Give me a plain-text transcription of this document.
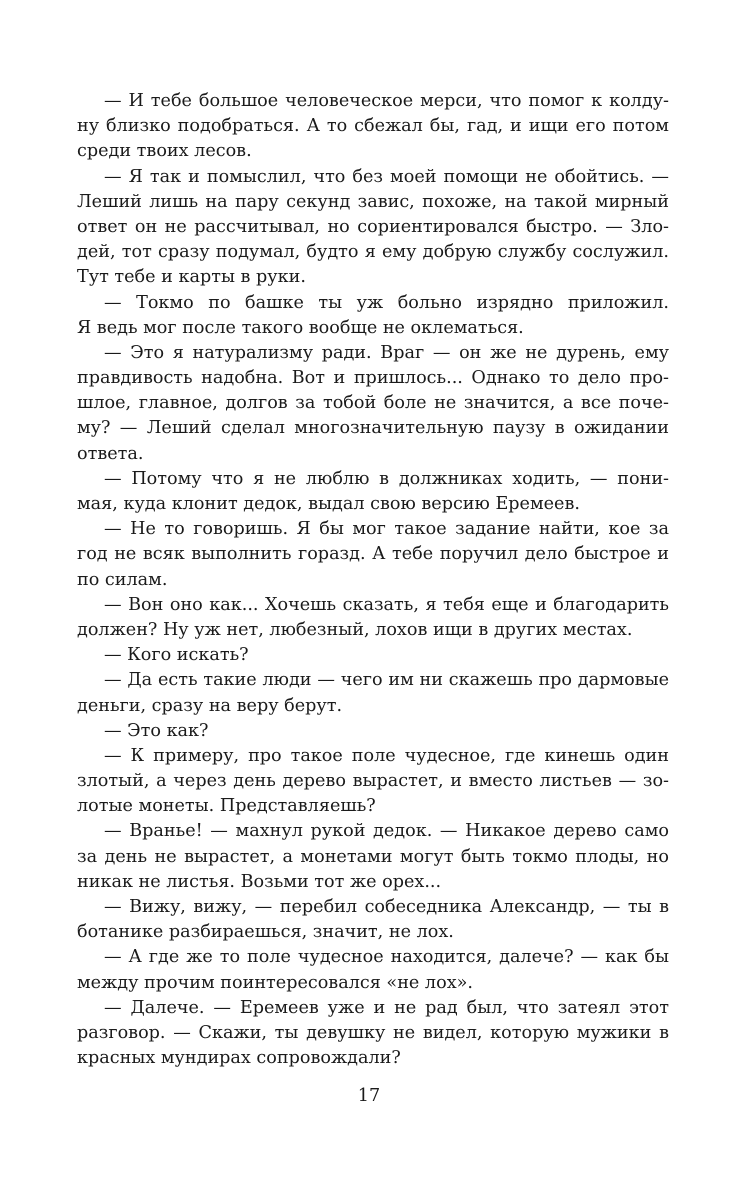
— И тебе большое человеческое мерси, что помог к колду-
ну близко подобраться. А то сбежал бы, гад, и ищи его потом
среди твоих лесов.
— Я так и помыслил, что без моей помощи не обойтись. —
Леший лишь на пару секунд завис, похоже, на такой мирный
ответ он не рассчитывал, но сориентировался быстро. — Зло-
дей, тот сразу подумал, будто я ему добрую службу сослужил.
Тут тебе и карты в руки.
— Токмо по башке ты уж больно изрядно приложил.
Я ведь мог после такого вообще не оклематься.
— Это я натурализму ради. Враг — он же не дурень, ему
правдивость надобна. Вот и пришлось... Однако то дело про-
шлое, главное, долгов за тобой боле не значится, а все поче-
му? — Леший сделал многозначительную паузу в ожидании
ответа.
— Потому что я не люблю в должниках ходить, — пони-
мая, куда клонит дедок, выдал свою версию Еремеев.
— Не то говоришь. Я бы мог такое задание найти, кое за
год не всяк выполнить горазд. А тебе поручил дело быстрое и
по силам.
— Вон оно как... Хочешь сказать, я тебя еще и благодарить
должен? Ну уж нет, любезный, лохов ищи в других местах.
— Кого искать?
— Да есть такие люди — чего им ни скажешь про дармовые
деньги, сразу на веру берут.
— Это как?
— К примеру, про такое поле чудесное, где кинешь один
злотый, а через день дерево вырастет, и вместо листьев — зо-
лотые монеты. Представляешь?
— Вранье! — махнул рукой дедок. — Никакое дерево само
за день не вырастет, а монетами могут быть токмо плоды, но
никак не листья. Возьми тот же орех...
— Вижу, вижу, — перебил собеседника Александр, — ты в
ботанике разбираешься, значит, не лох.
— А где же то поле чудесное находится, далече? — как бы
между прочим поинтересовался «не лох».
— Далече. — Еремеев уже и не рад был, что затеял этот
разговор. — Скажи, ты девушку не видел, которую мужики в
красных мундирах сопровождали?
17
